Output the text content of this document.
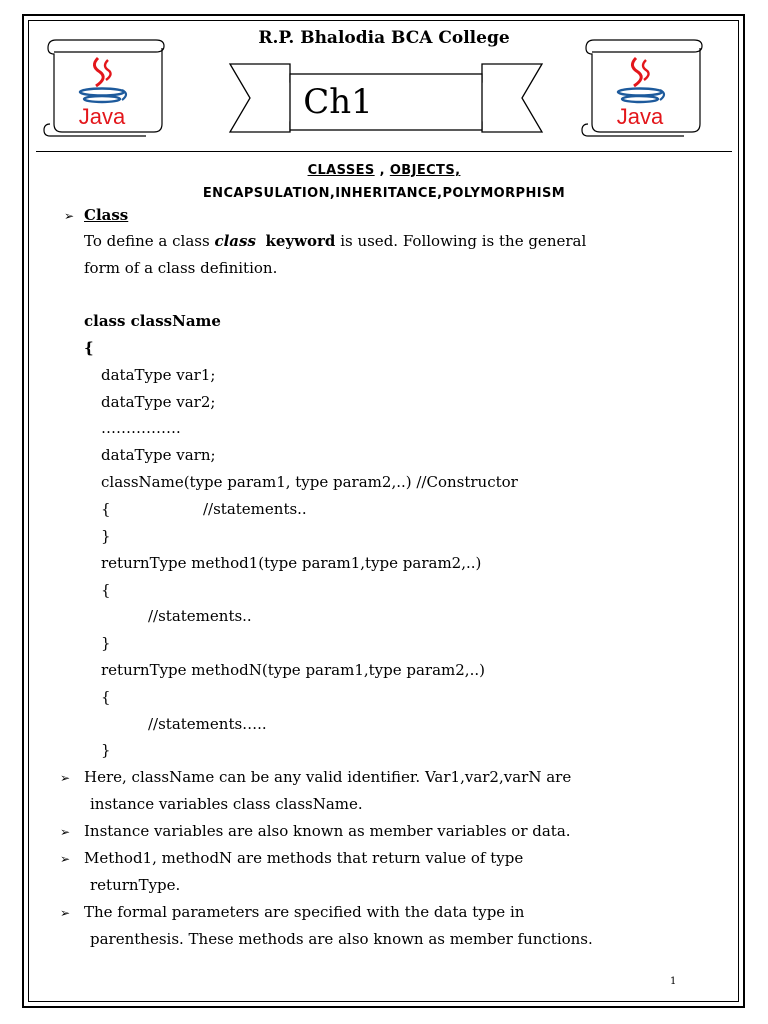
R.P. Bhalodia BCA College
Java	Java
Ch1
CLASSES , OBJECTS,
ENCAPSULATION,INHERITANCE,POLYMORPHISM
➢ Class
To define a class class keyword is used. Following is the general
form of a class definition.
class className
{
dataType var1;
dataType var2;
…………….
dataType varn;
className(type param1, type param2,..) //Constructor
{	//statements..
}
returnType method1(type param1,type param2,..)
{
//statements..
}
returnType methodN(type param1,type param2,..)
{
//statements…..
}
➢ Here, className can be any valid identifier. Var1,var2,varN are
instance variables class className.
➢ Instance variables are also known as member variables or data.
➢ Method1, methodN are methods that return value of type
returnType.
➢ The formal parameters are specified with the data type in
parenthesis. These methods are also known as member functions.
1
